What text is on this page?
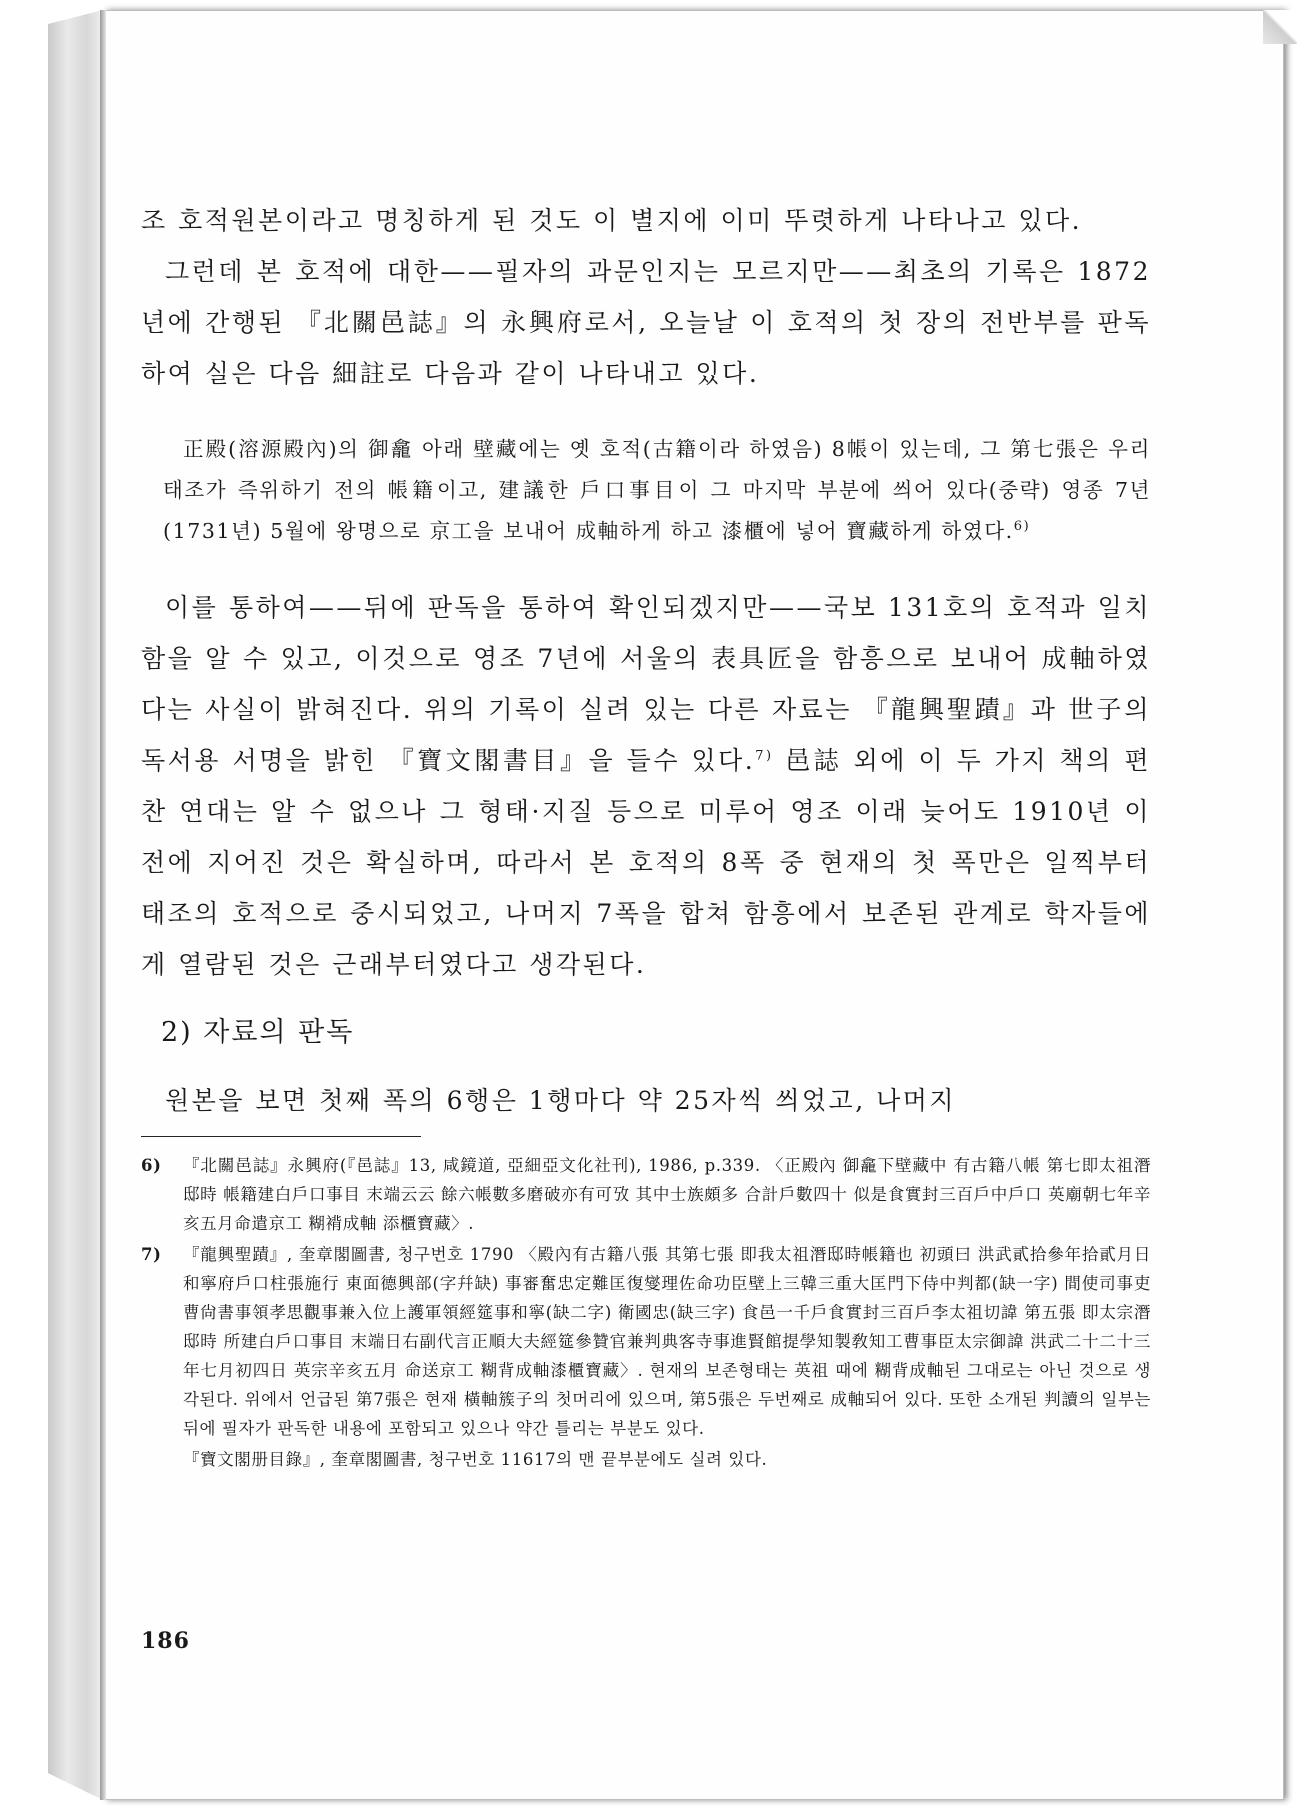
조 호적원본이라고 명칭하게 된 것도 이 별지에 이미 뚜렷하게 나타나고 있다.

그런데 본 호적에 대한——필자의 과문인지는 모르지만——최초의 기록은 1872년에 간행된 『北關邑誌』의 永興府로서, 오늘날 이 호적의 첫 장의 전반부를 판독하여 실은 다음 細註로 다음과 같이 나타내고 있다.

正殿(溶源殿內)의 御龕 아래 壁藏에는 옛 호적(古籍이라 하였음) 8帳이 있는데, 그 第七張은 우리 태조가 즉위하기 전의 帳籍이고, 建議한 戶口事目이 그 마지막 부분에 씌어 있다(중략) 영종 7년(1731년) 5월에 왕명으로 京工을 보내어 成軸하게 하고 漆櫃에 넣어 寶藏하게 하였다.$^{6)}$

이를 통하여——뒤에 판독을 통하여 확인되겠지만——국보 131호의 호적과 일치함을 알 수 있고, 이것으로 영조 7년에 서울의 表具匠을 함흥으로 보내어 成軸하였다는 사실이 밝혀진다. 위의 기록이 실려 있는 다른 자료는 『龍興聖蹟』과 世子의 독서용 서명을 밝힌 『寶文閣書目』을 들수 있다.$^{7)}$ 邑誌 외에 이 두 가지 책의 편찬 연대는 알 수 없으나 그 형태·지질 등으로 미루어 영조 이래 늦어도 1910년 이전에 지어진 것은 확실하며, 따라서 본 호적의 8폭 중 현재의 첫 폭만은 일찍부터 태조의 호적으로 중시되었고, 나머지 7폭을 합쳐 함흥에서 보존된 관계로 학자들에게 열람된 것은 근래부터였다고 생각된다.

2) 자료의 판독

원본을 보면 첫째 폭의 6행은 1행마다 약 25자씩 씌었고, 나머지

6) 『北關邑誌』永興府(『邑誌』13, 咸鏡道, 亞細亞文化社刊), 1986, p.339. 〈正殿內 御龕下壁藏中 有古籍八帳 第七即太祖潛邸時 帳籍建白戶口事目 末端云云 餘六帳數多磨破亦有可攷 其中士族頗多 合計戶數四十 似是食實封三百戶中戶口 英廟朝七年辛亥五月命遣京工 糊褙成軸 添櫃寶藏〉.
7) 『龍興聖蹟』, 奎章閣圖書, 청구번호 1790 〈殿內有古籍八張 其第七張 即我太祖潛邸時帳籍也 初頭曰 洪武貳拾參年拾貳月日 和寧府戶口柱張施行 東面德興部(字幷缺) 事審奮忠定難匡復燮理佐命功臣壁上三韓三重大匡門下侍中判都(缺一字) 間使司事吏曹尙書事領孝思觀事兼入位上護軍領經筵事和寧(缺二字) 衛國忠(缺三字) 食邑一千戶食實封三百戶李太祖切諱 第五張 即太宗潛邸時 所建白戶口事目 末端日右副代言正順大夫經筵參贊官兼判典客寺事進賢館提學知製敎知工曹事臣太宗御諱 洪武二十二十三年七月初四日 英宗辛亥五月 命送京工 糊背成軸漆櫃寶藏〉. 현재의 보존형태는 英祖 때에 糊背成軸된 그대로는 아닌 것으로 생각된다. 위에서 언급된 第7張은 현재 橫軸簇子의 첫머리에 있으며, 第5張은 두번째로 成軸되어 있다. 또한 소개된 判讀의 일부는 뒤에 필자가 판독한 내용에 포함되고 있으나 약간 틀리는 부분도 있다.
『寶文閣册目錄』, 奎章閣圖書, 청구번호 11617의 맨 끝부분에도 실려 있다.
186
